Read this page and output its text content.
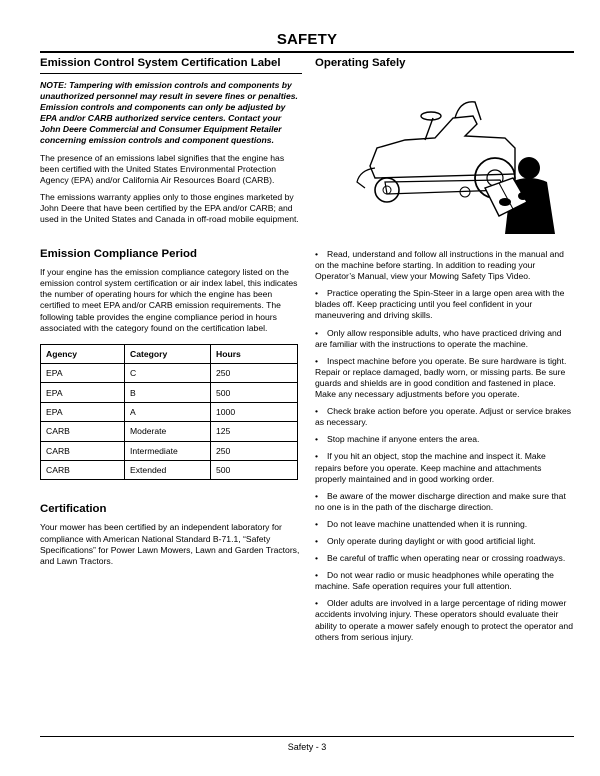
SAFETY
Emission Control System Certification Label

NOTE: Tampering with emission controls and components by unauthorized personnel may result in severe fines or penalties. Emission controls and components can only be adjusted by EPA and/or CARB authorized service centers. Contact your John Deere Commercial and Consumer Equipment Retailer concerning emission controls and component questions.

The presence of an emissions label signifies that the engine has been certified with the United States Environmental Protection Agency (EPA) and/or California Air Resources Board (CARB).

The emissions warranty applies only to those engines marketed by John Deere that have been certified by the EPA and/or CARB; and used in the United States and Canada in off-road mobile equipment.

Emission Compliance Period

If your engine has the emission compliance category listed on the emission control system certification or air index label, this indicates the number of operating hours for which the engine has been certified to meet EPA and/or CARB emission requirements. The following table provides the engine compliance period in hours associated with the category found on the certification label.

Agency	Category	Hours
EPA	C	250
EPA	B	500
EPA	A	1000
CARB	Moderate	125
CARB	Intermediate	250
CARB	Extended	500
Certification

Your mower has been certified by an independent laboratory for compliance with American National Standard B-71.1, “Safety Specifications” for Power Lawn Mowers, Lawn and Garden Tractors, and Lawn Tractors.

Operating Safely

• Read, understand and follow all instructions in the manual and on the machine before starting. In addition to reading your Operator’s Manual, view your Mowing Safety Tips Video.

• Practice operating the Spin-Steer in a large open area with the blades off. Keep practicing until you feel confident in your maneuvering and driving skills.

• Only allow responsible adults, who have practiced driving and are familiar with the instructions to operate the machine.

• Inspect machine before you operate. Be sure hardware is tight. Repair or replace damaged, badly worn, or missing parts. Be sure guards and shields are in good condition and fastened in place. Make any necessary adjustments before you operate.

• Check brake action before you operate. Adjust or service brakes as necessary.

• Stop machine if anyone enters the area.

• If you hit an object, stop the machine and inspect it. Make repairs before you operate. Keep machine and attachments properly maintained and in good working order.

• Be aware of the mower discharge direction and make sure that no one is in the path of the discharge direction.

• Do not leave machine unattended when it is running.

• Only operate during daylight or with good artificial light.

• Be careful of traffic when operating near or crossing roadways.

• Do not wear radio or music headphones while operating the machine. Safe operation requires your full attention.

• Older adults are involved in a large percentage of riding mower accidents involving injury. These operators should evaluate their ability to operate a mower safely enough to protect the operator and others from serious injury.

Safety - 3
